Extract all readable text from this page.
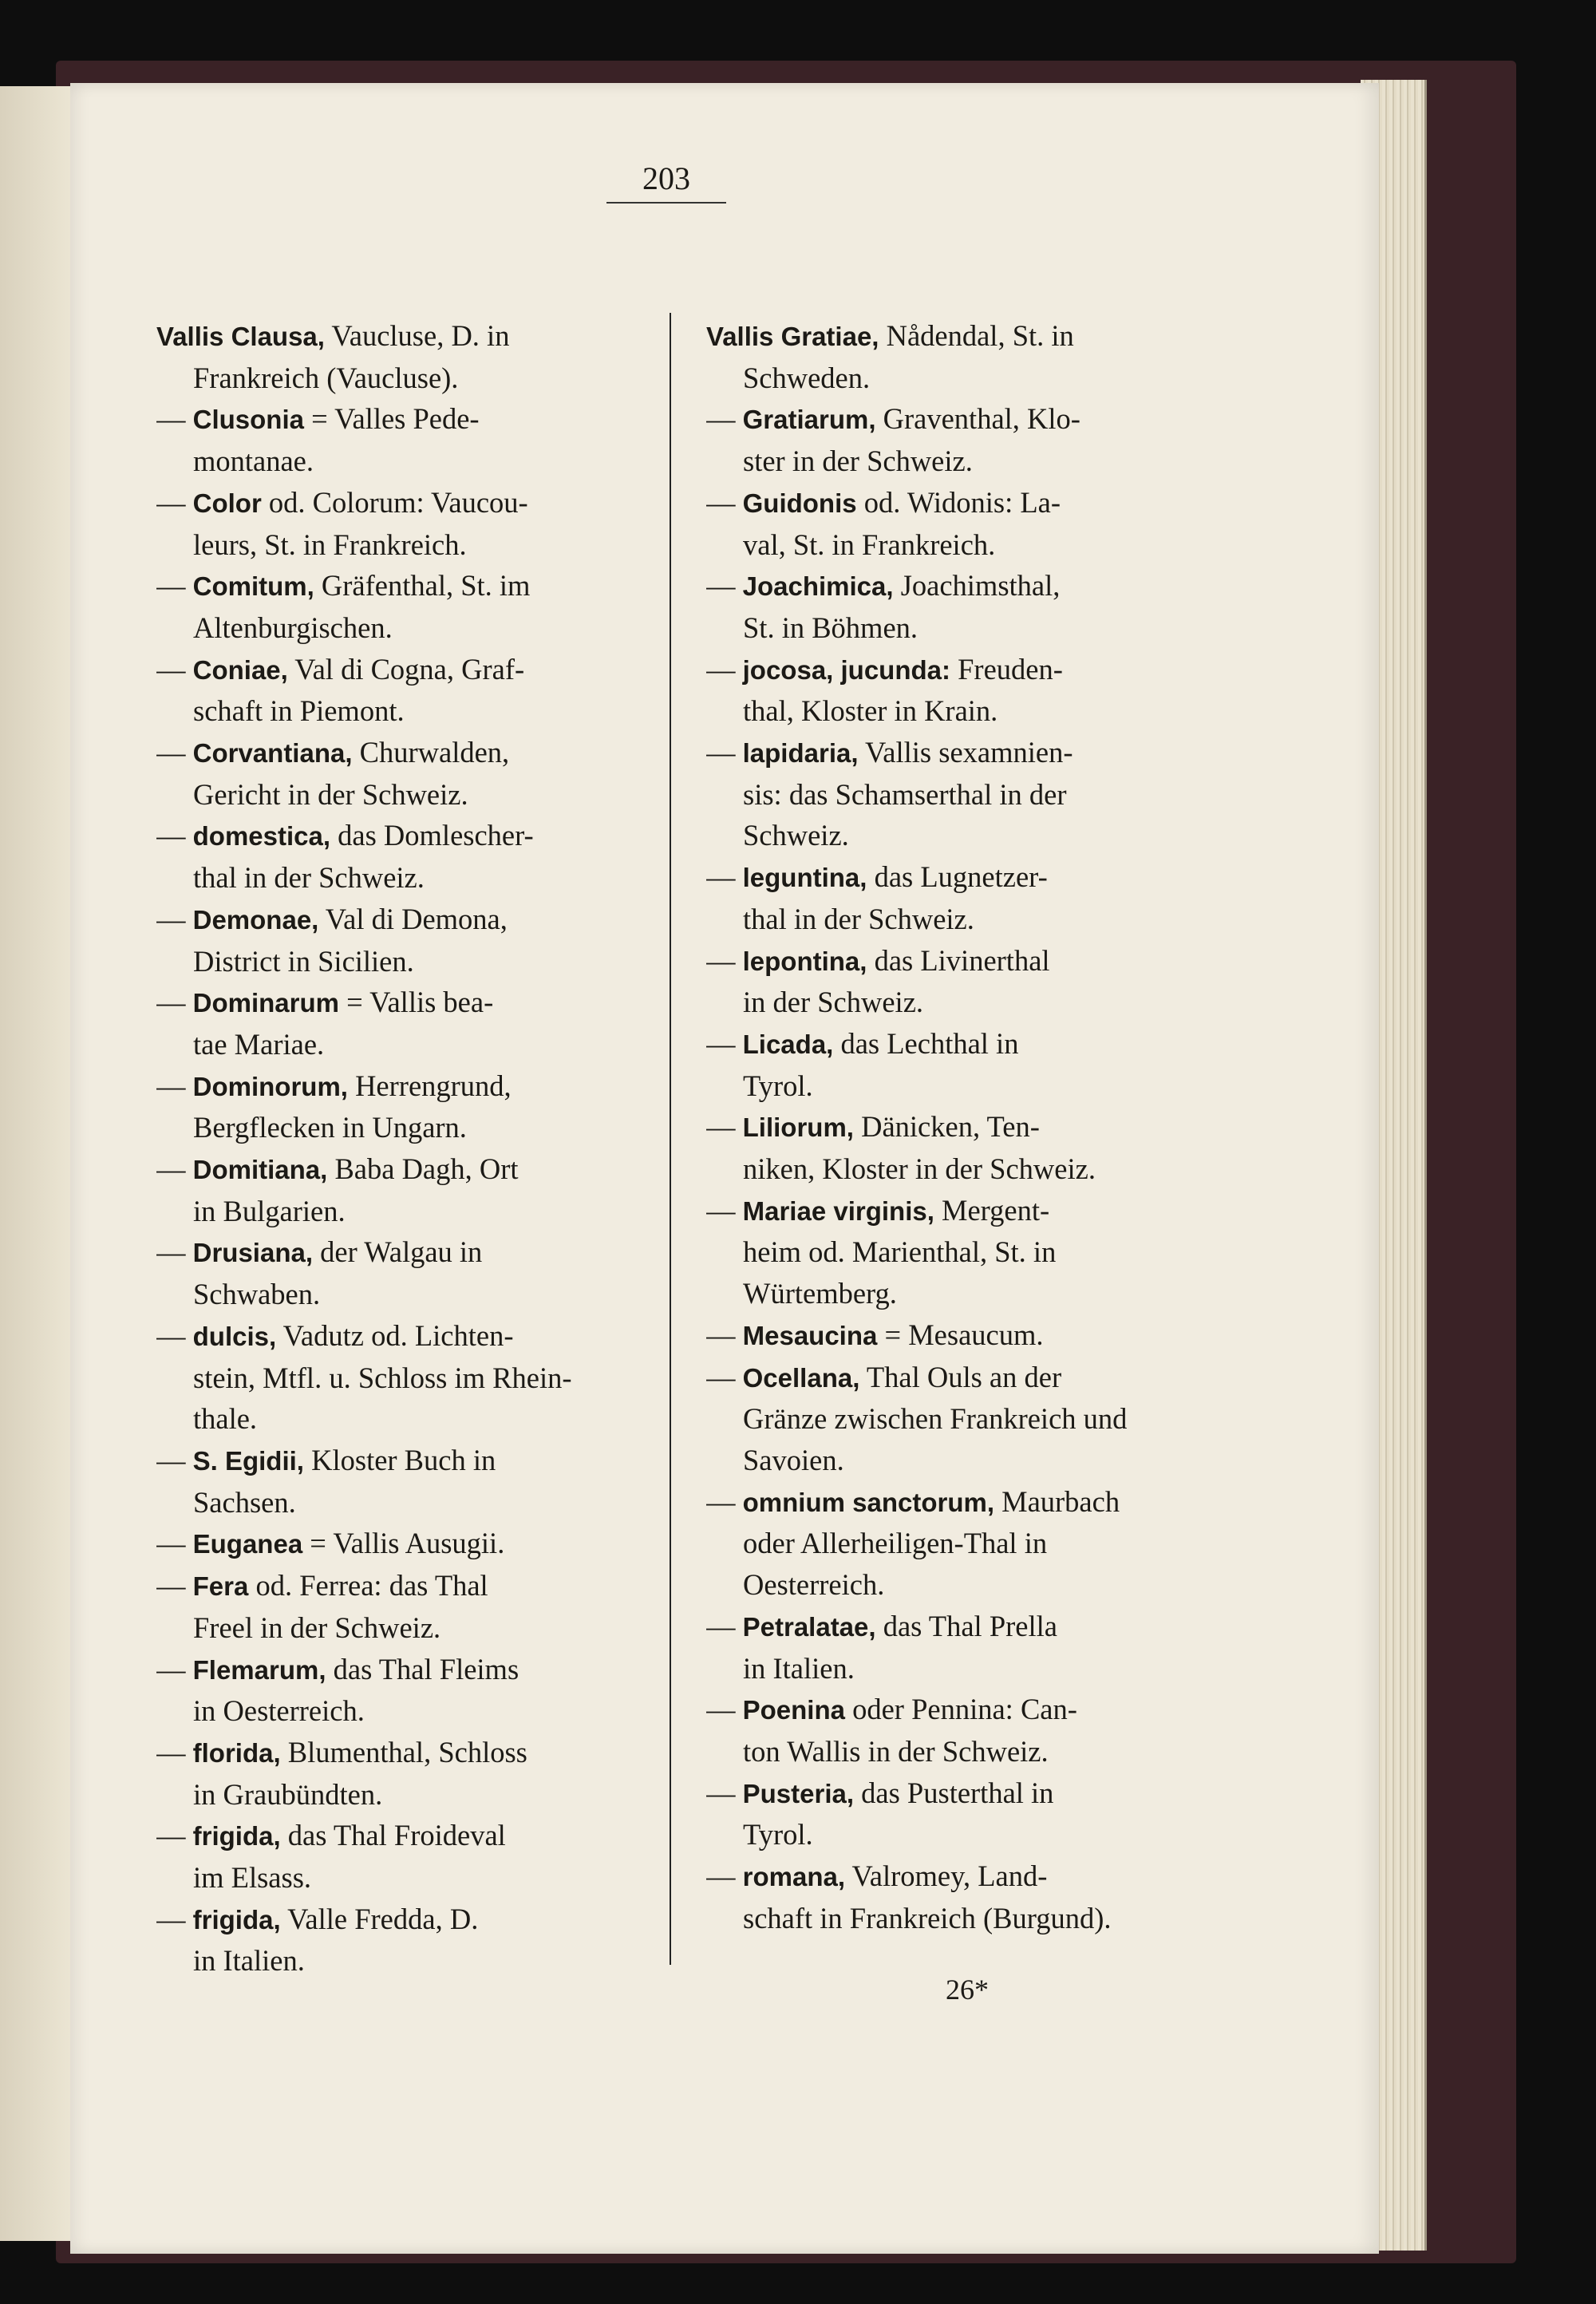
203

Vallis Clausa, Vaucluse, D. in
Frankreich (Vaucluse).

— Clusonia = Valles Pede-
montanae.

— Color od. Colorum: Vaucou-
leurs, St. in Frankreich.

— Comitum, Gräfenthal, St. im
Altenburgischen.

— Coniae, Val di Cogna, Graf-
schaft in Piemont.

— Corvantiana, Churwalden,
Gericht in der Schweiz.

— domestica, das Domlescher-
thal in der Schweiz.

— Demonae, Val di Demona,
District in Sicilien.

— Dominarum = Vallis bea-
tae Mariae.

— Dominorum, Herrengrund,
Bergflecken in Ungarn.

— Domitiana, Baba Dagh, Ort
in Bulgarien.

— Drusiana, der Walgau in
Schwaben.

— dulcis, Vadutz od. Lichten-
stein, Mtfl. u. Schloss im Rhein-
thale.

— S. Egidii, Kloster Buch in
Sachsen.

— Euganea = Vallis Ausugii.

— Fera od. Ferrea: das Thal
Freel in der Schweiz.

— Flemarum, das Thal Fleims
in Oesterreich.

— florida, Blumenthal, Schloss
in Graubündten.

— frigida, das Thal Froideval
im Elsass.

— frigida, Valle Fredda, D.
in Italien.

Vallis Gratiae, Nådendal, St. in
Schweden.

— Gratiarum, Graventhal, Klo-
ster in der Schweiz.

— Guidonis od. Widonis: La-
val, St. in Frankreich.

— Joachimica, Joachimsthal,
St. in Böhmen.

— jocosa, jucunda: Freuden-
thal, Kloster in Krain.

— lapidaria, Vallis sexamnien-
sis: das Schamserthal in der
Schweiz.

— leguntina, das Lugnetzer-
thal in der Schweiz.

— lepontina, das Livinerthal
in der Schweiz.

— Licada, das Lechthal in
Tyrol.

— Liliorum, Dänicken, Ten-
niken, Kloster in der Schweiz.

— Mariae virginis, Mergent-
heim od. Marienthal, St. in
Würtemberg.

— Mesaucina = Mesaucum.

— Ocellana, Thal Ouls an der
Gränze zwischen Frankreich und
Savoien.

— omnium sanctorum, Maurbach
oder Allerheiligen-Thal in
Oesterreich.

— Petralatae, das Thal Prella
in Italien.

— Poenina oder Pennina: Can-
ton Wallis in der Schweiz.

— Pusteria, das Pusterthal in
Tyrol.

— romana, Valromey, Land-
schaft in Frankreich (Burgund).

26*
